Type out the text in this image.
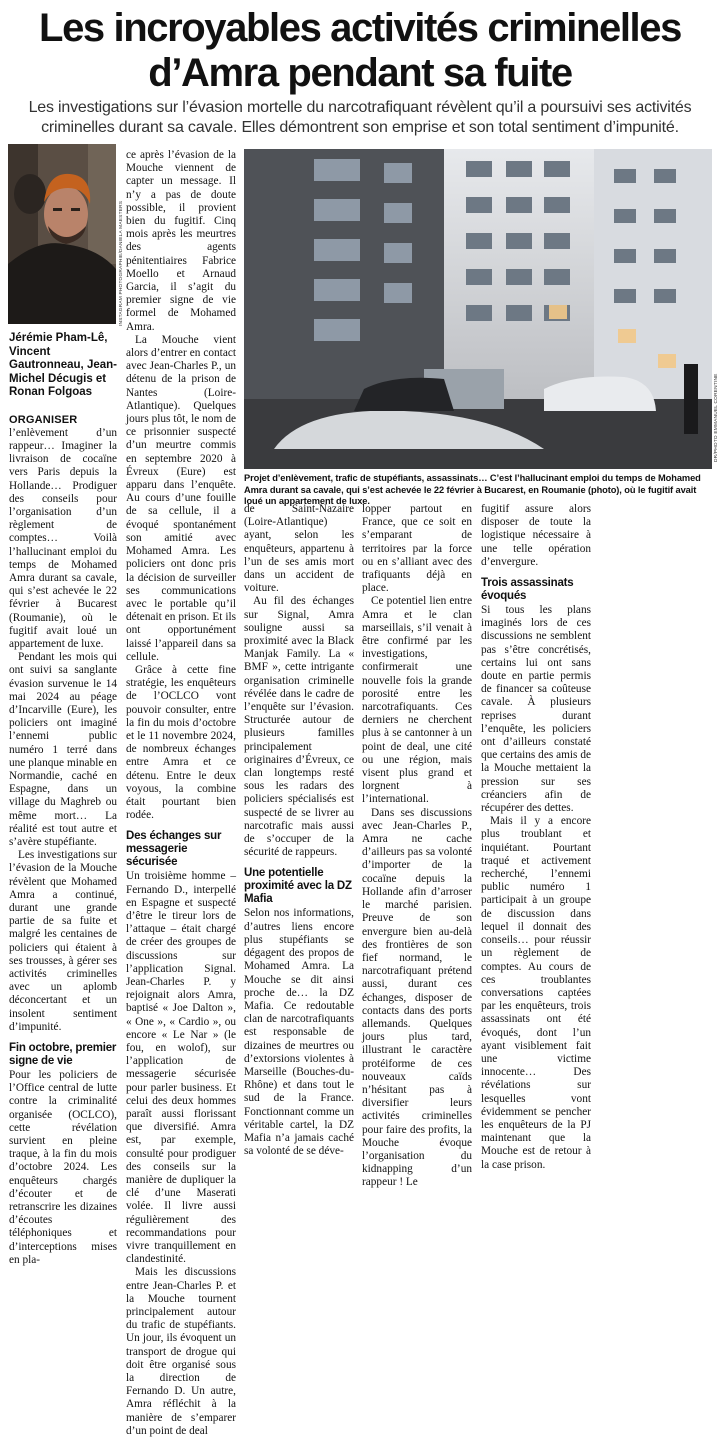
Les incroyables activités criminelles d’Amra pendant sa fuite

Les investigations sur l’évasion mortelle du narcotrafiquant révèlent qu’il a poursuivi ses activités criminelles durant sa cavale. Elles démontrent son emprise et son total sentiment d’impunité.

INSTAGRAM PHOTOGRAPHIE/DANIELA MAESTERS
DR/PHOTO EMMANUEL CORENTINE

Projet d’enlèvement, trafic de stupéfiants, assassinats… C’est l’hallucinant emploi du temps de Mohamed Amra durant sa cavale, qui s’est achevée le 22 février à Bucarest, en Roumanie (photo), où le fugitif avait loué un appartement de luxe.

Jérémie Pham-Lê, Vincent Gautronneau, Jean-Michel Décugis et Ronan Folgoas

ORGANISER l’enlèvement d’un rappeur… Imaginer la livraison de cocaïne vers Paris depuis la Hollande… Prodiguer des conseils pour l’organisation d’un règlement de comptes… Voilà l’hallucinant emploi du temps de Mohamed Amra durant sa cavale, qui s’est achevée le 22 février à Bucarest (Roumanie), où le fugitif avait loué un appartement de luxe.

Pendant les mois qui ont suivi sa sanglante évasion survenue le 14 mai 2024 au péage d’Incarville (Eure), les policiers ont imaginé l’ennemi public numéro 1 terré dans une planque minable en Normandie, caché en Espagne, dans un village du Maghreb ou même mort… La réalité est tout autre et s’avère stupéfiante.

Les investigations sur l’évasion de la Mouche révèlent que Mohamed Amra a continué, durant une grande partie de sa fuite et malgré les centaines de policiers qui étaient à ses trousses, à gérer ses activités criminelles avec un aplomb déconcertant et un insolent sentiment d’impunité.

Fin octobre, premier signe de vie

Pour les policiers de l’Office central de lutte contre la criminalité organisée (OCLCO), cette révélation survient en pleine traque, à la fin du mois d’octobre 2024. Les enquêteurs chargés d’écouter et de retranscrire les dizaines d’écoutes téléphoniques et d’interceptions mises en pla-

ce après l’évasion de la Mouche viennent de capter un message. Il n’y a pas de doute possible, il provient bien du fugitif. Cinq mois après les meurtres des agents pénitentiaires Fabrice Moello et Arnaud Garcia, il s’agit du premier signe de vie formel de Mohamed Amra.

La Mouche vient alors d’entrer en contact avec Jean-Charles P., un détenu de la prison de Nantes (Loire-Atlantique). Quelques jours plus tôt, le nom de ce prisonnier suspecté d’un meurtre commis en septembre 2020 à Évreux (Eure) est apparu dans l’enquête. Au cours d’une fouille de sa cellule, il a évoqué spontanément son amitié avec Mohamed Amra. Les policiers ont donc pris la décision de surveiller ses communications avec le portable qu’il détenait en prison. Et ils ont opportunément laissé l’appareil dans sa cellule.

Grâce à cette fine stratégie, les enquêteurs de l’OCLCO vont pouvoir consulter, entre la fin du mois d’octobre et le 11 novembre 2024, de nombreux échanges entre Amra et ce détenu. Entre le deux voyous, la combine était pourtant bien rodée.

Des échanges sur messagerie sécurisée

Un troisième homme – Fernando D., interpellé en Espagne et suspecté d’être le tireur lors de l’attaque – était chargé de créer des groupes de discussions sur l’application Signal. Jean-Charles P. y rejoignait alors Amra, baptisé « Joe Dalton », « One », « Cardio », ou encore « Le Nar » (le fou, en wolof), sur l’application de messagerie sécurisée pour parler business. Et celui des deux hommes paraît aussi florissant que diversifié. Amra est, par exemple, consulté pour prodiguer des conseils sur la manière de dupliquer la clé d’une Maserati volée. Il livre aussi régulièrement des recommandations pour vivre tranquillement en clandestinité.

Mais les discussions entre Jean-Charles P. et la Mouche tournent principalement autour du trafic de stupéfiants. Un jour, ils évoquent un transport de drogue qui doit être organisé sous la direction de Fernando D. Un autre, Amra réfléchit à la manière de s’emparer d’un point de deal

de Saint-Nazaire (Loire-Atlantique) ayant, selon les enquêteurs, appartenu à l’un de ses amis mort dans un accident de voiture.

Au fil des échanges sur Signal, Amra souligne aussi sa proximité avec la Black Manjak Family. La « BMF », cette intrigante organisation criminelle révélée dans le cadre de l’enquête sur l’évasion. Structurée autour de plusieurs familles principalement originaires d’Évreux, ce clan longtemps resté sous les radars des policiers spécialisés est suspecté de se livrer au narcotrafic mais aussi de s’occuper de la sécurité de rappeurs.

Une potentielle proximité avec la DZ Mafia

Selon nos informations, d’autres liens encore plus stupéfiants se dégagent des propos de Mohamed Amra. La Mouche se dit ainsi proche de… la DZ Mafia. Ce redoutable clan de narcotrafiquants est responsable de dizaines de meurtres ou d’extorsions violentes à Marseille (Bouches-du-Rhône) et dans tout le sud de la France. Fonctionnant comme un véritable cartel, la DZ Mafia n’a jamais caché sa volonté de se déve-

lopper partout en France, que ce soit en s’emparant de territoires par la force ou en s’alliant avec des trafiquants déjà en place.

Ce potentiel lien entre Amra et le clan marseillais, s’il venait à être confirmé par les investigations, confirmerait une nouvelle fois la grande porosité entre les narcotrafiquants. Ces derniers ne cherchent plus à se cantonner à un point de deal, une cité ou une région, mais visent plus grand et lorgnent à l’international.

Dans ses discussions avec Jean-Charles P., Amra ne cache d’ailleurs pas sa volonté d’importer de la cocaïne depuis la Hollande afin d’arroser le marché parisien. Preuve de son envergure bien au-delà des frontières de son fief normand, le narcotrafiquant prétend aussi, durant ces échanges, disposer de contacts dans des ports allemands. Quelques jours plus tard, illustrant le caractère protéiforme de ces nouveaux caïds n’hésitant pas à diversifier leurs activités criminelles pour faire des profits, la Mouche évoque l’organisation du kidnapping d’un rappeur ! Le

fugitif assure alors disposer de toute la logistique nécessaire à une telle opération d’envergure.

Trois assassinats évoqués

Si tous les plans imaginés lors de ces discussions ne semblent pas s’être concrétisés, certains lui ont sans doute en partie permis de financer sa coûteuse cavale. À plusieurs reprises durant l’enquête, les policiers ont d’ailleurs constaté que certains des amis de la Mouche mettaient la pression sur ses créanciers afin de récupérer des dettes.

Mais il y a encore plus troublant et inquiétant. Pourtant traqué et activement recherché, l’ennemi public numéro 1 participait à un groupe de discussion dans lequel il donnait des conseils… pour réussir un règlement de comptes. Au cours de ces troublantes conversations captées par les enquêteurs, trois assassinats ont été évoqués, dont l’un ayant visiblement fait une victime innocente… Des révélations sur lesquelles vont évidemment se pencher les enquêteurs de la PJ maintenant que la Mouche est de retour à la case prison.
